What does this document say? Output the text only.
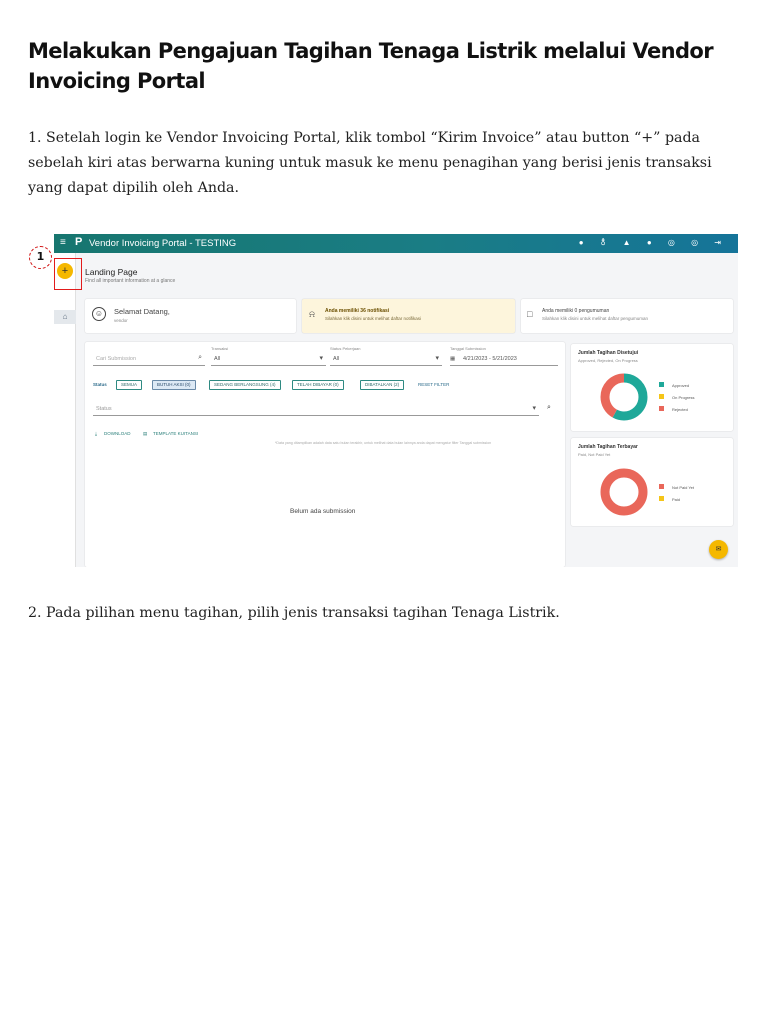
Melakukan Pengajuan Tagihan Tenaga Listrik melalui Vendor Invoicing Portal

1. Setelah login ke Vendor Invoicing Portal, klik tombol “Kirim Invoice” atau button “+” pada sebelah kiri atas berwarna kuning untuk masuk ke menu penagihan yang berisi jenis transaksi yang dapat dipilih oleh Anda.

≡ P Vendor Invoicing Portal - TESTING	● ⚨ ▲ ● ◎ ◎ ⇥
+
⌂
Landing Page
Find all important information at a glance
☺	Selamat Datang,
vendor
⍾ Anda memiliki 36 notifikasi
Silahkan klik disini untuk melihat daftar notifikasi	□ Anda memiliki 0 pengumuman
Silahkan klik disini untuk melihat daftar pengumuman
Cari Submission	⌕
Transaksi
All	▾
Status Pekerjaan
All	▾
Tanggal Submission
▦ 4/21/2023 - 5/21/2023
Status	SEMUA	BUTUH AKSI (0)	SEDANG BERLANGSUNG (4)	TELAH DIBAYAR (0)	DIBATALKAN (2)	RESET FILTER
Status	▾ ⌕
⤓ DOWNLOAD	▤ TEMPLATE KUITANSI
*Data yang ditampilkan adalah data satu bulan terakhir, untuk melihat data bulan lainnya anda dapat mengatur filter Tanggal submission
Belum ada submission
Jumlah Tagihan Disetujui
Approved, Rejected, On Progress
Approved
On Progress
Rejected
Jumlah Tagihan Terbayar
Paid, Not Paid Yet
Not Paid Yet
Paid
✉
1

2. Pada pilihan menu tagihan, pilih jenis transaksi tagihan Tenaga Listrik.
